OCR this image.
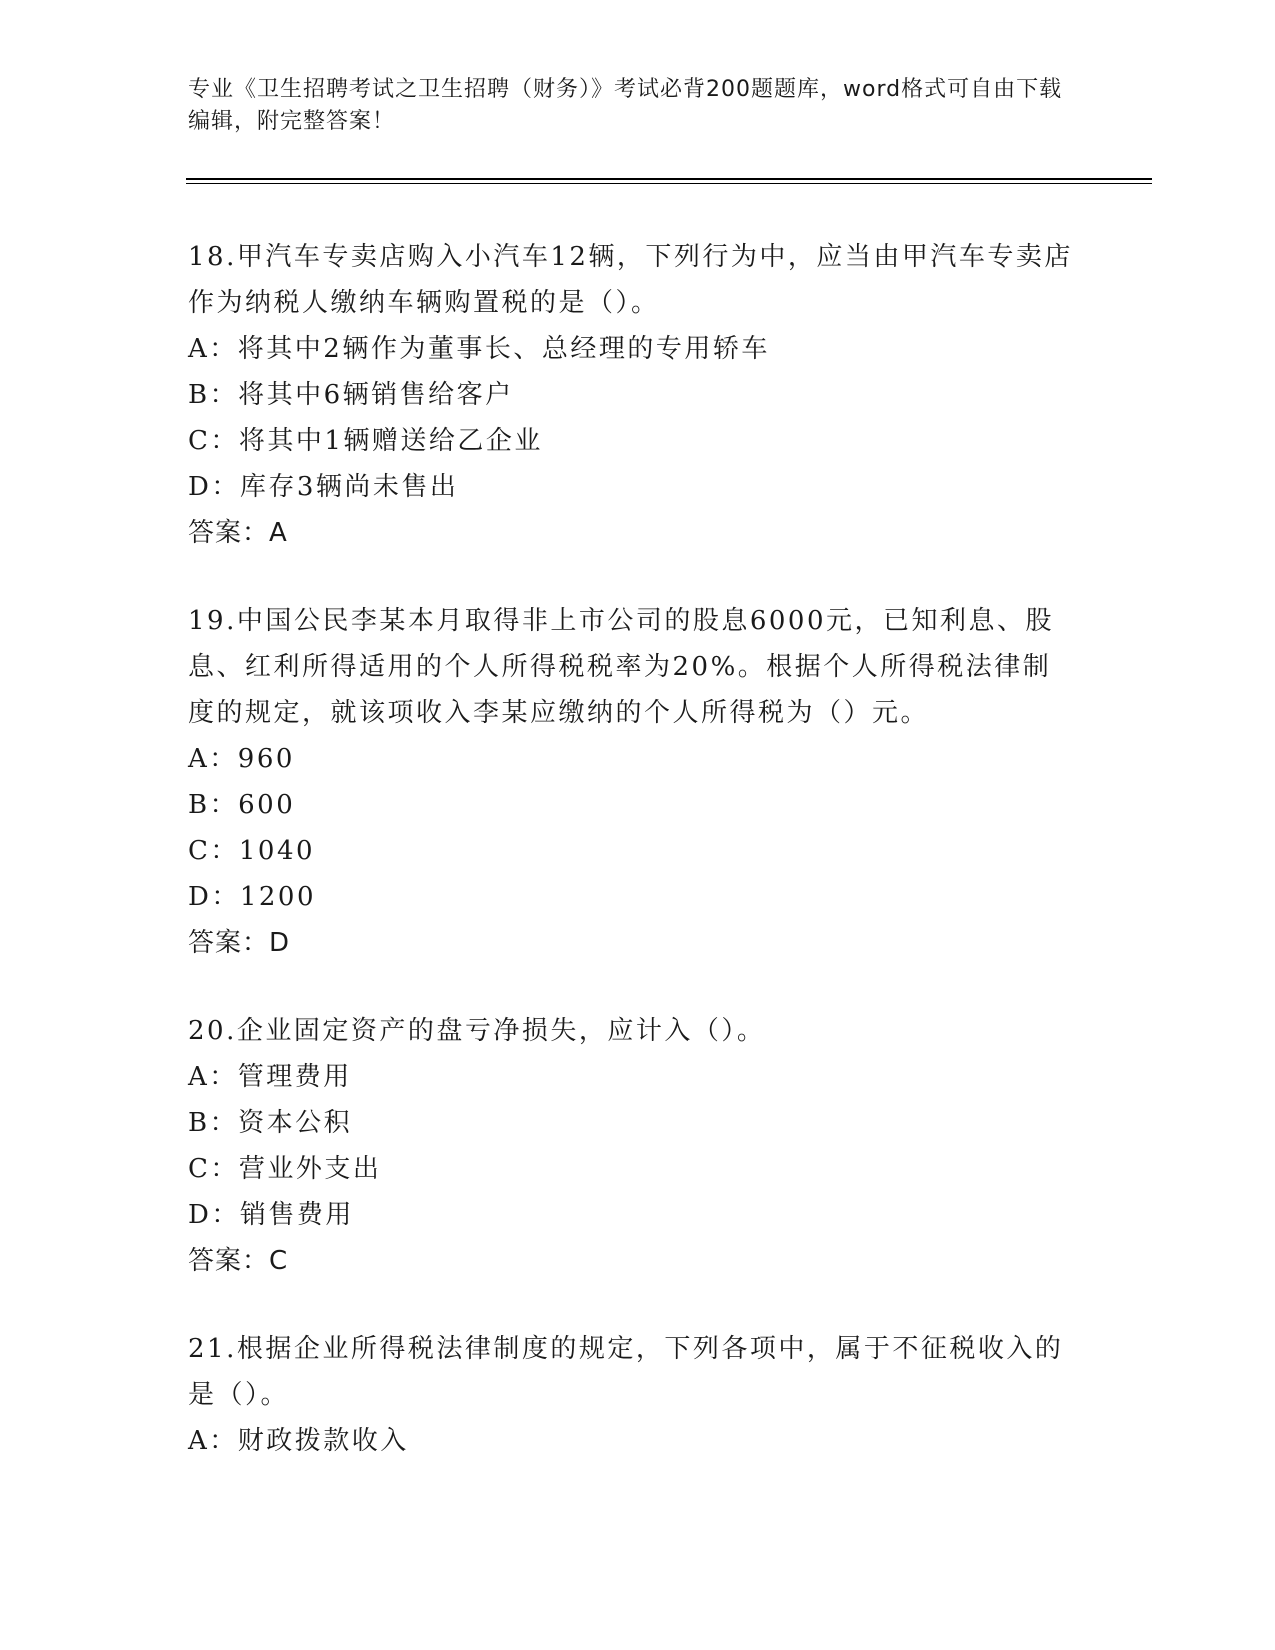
专业《卫生招聘考试之卫生招聘（财务）》考试必背200题题库，word格式可自由下载编辑，附完整答案！

18.甲汽车专卖店购入小汽车12辆，下列行为中，应当由甲汽车专卖店作为纳税人缴纳车辆购置税的是（）。

A：将其中2辆作为董事长、总经理的专用轿车

B：将其中6辆销售给客户

C：将其中1辆赠送给乙企业

D：库存3辆尚未售出

答案：A

19.中国公民李某本月取得非上市公司的股息6000元，已知利息、股息、红利所得适用的个人所得税税率为20%。根据个人所得税法律制度的规定，就该项收入李某应缴纳的个人所得税为（）元。

A：960

B：600

C：1040

D：1200

答案：D

20.企业固定资产的盘亏净损失，应计入（）。

A：管理费用

B：资本公积

C：营业外支出

D：销售费用

答案：C

21.根据企业所得税法律制度的规定，下列各项中，属于不征税收入的是（）。

A：财政拨款收入
